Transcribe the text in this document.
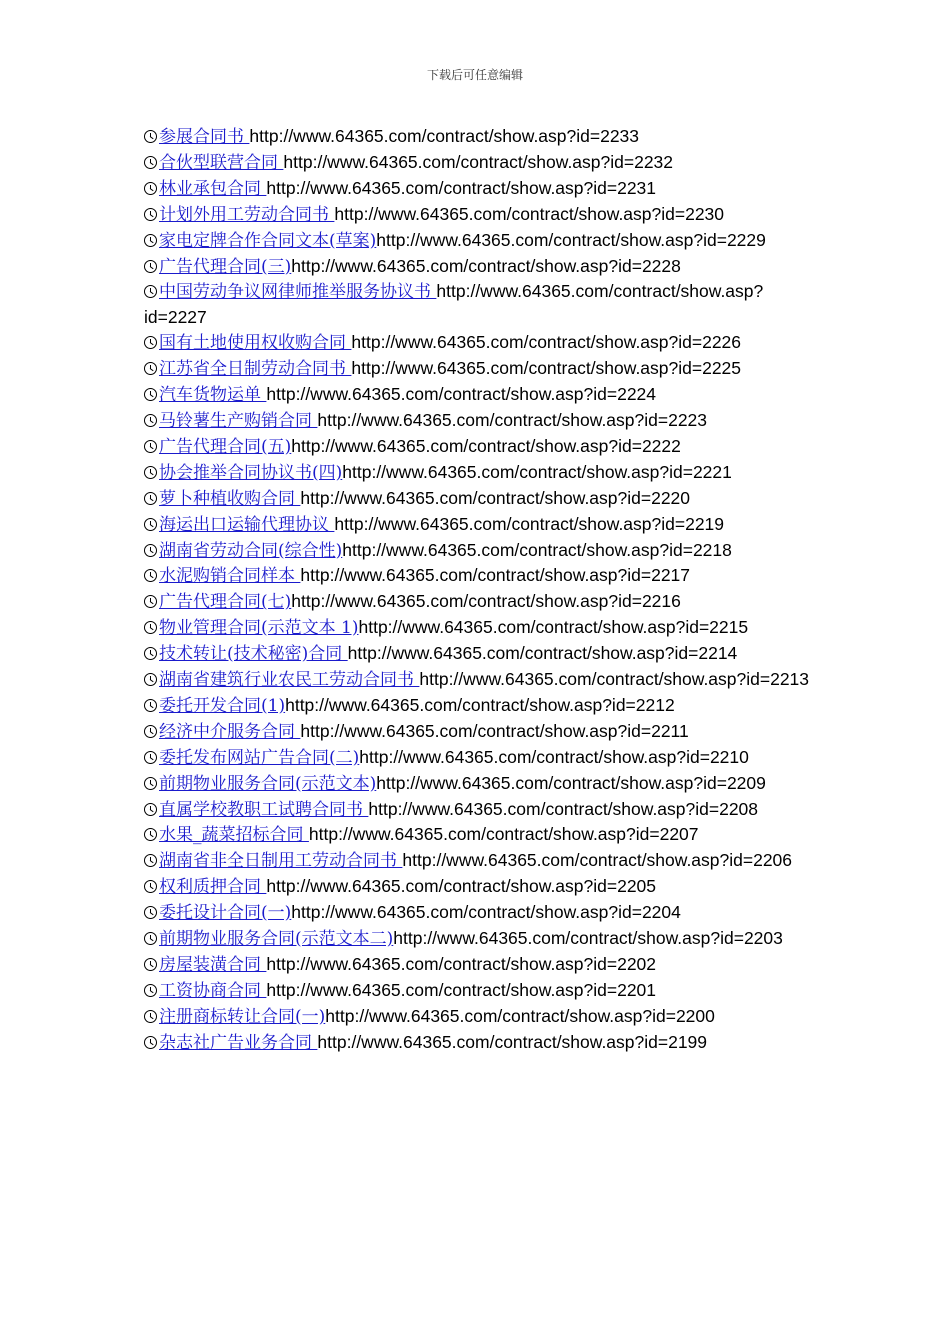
下载后可任意编辑

参展合同书 http://www.64365.com/contract/show.asp?id=2233

合伙型联营合同 http://www.64365.com/contract/show.asp?id=2232

林业承包合同 http://www.64365.com/contract/show.asp?id=2231

计划外用工劳动合同书 http://www.64365.com/contract/show.asp?id=2230

家电定牌合作合同文本(草案)http://www.64365.com/contract/show.asp?id=2229

广告代理合同(三)http://www.64365.com/contract/show.asp?id=2228

中国劳动争议网律师推举服务协议书 http://www.64365.com/contract/show.asp?id=2227

国有土地使用权收购合同 http://www.64365.com/contract/show.asp?id=2226

江苏省全日制劳动合同书 http://www.64365.com/contract/show.asp?id=2225

汽车货物运单 http://www.64365.com/contract/show.asp?id=2224

马铃薯生产购销合同 http://www.64365.com/contract/show.asp?id=2223

广告代理合同(五)http://www.64365.com/contract/show.asp?id=2222

协会推举合同协议书(四)http://www.64365.com/contract/show.asp?id=2221

萝卜种植收购合同 http://www.64365.com/contract/show.asp?id=2220

海运出口运输代理协议 http://www.64365.com/contract/show.asp?id=2219

湖南省劳动合同(综合性)http://www.64365.com/contract/show.asp?id=2218

水泥购销合同样本 http://www.64365.com/contract/show.asp?id=2217

广告代理合同(七)http://www.64365.com/contract/show.asp?id=2216

物业管理合同(示范文本 1)http://www.64365.com/contract/show.asp?id=2215

技术转让(技术秘密)合同 http://www.64365.com/contract/show.asp?id=2214

湖南省建筑行业农民工劳动合同书 http://www.64365.com/contract/show.asp?id=2213

委托开发合同(1)http://www.64365.com/contract/show.asp?id=2212

经济中介服务合同 http://www.64365.com/contract/show.asp?id=2211

委托发布网站广告合同(二)http://www.64365.com/contract/show.asp?id=2210

前期物业服务合同(示范文本)http://www.64365.com/contract/show.asp?id=2209

直属学校教职工试聘合同书 http://www.64365.com/contract/show.asp?id=2208

水果_蔬菜招标合同 http://www.64365.com/contract/show.asp?id=2207

湖南省非全日制用工劳动合同书 http://www.64365.com/contract/show.asp?id=2206

权利质押合同 http://www.64365.com/contract/show.asp?id=2205

委托设计合同(一)http://www.64365.com/contract/show.asp?id=2204

前期物业服务合同(示范文本二)http://www.64365.com/contract/show.asp?id=2203

房屋装潢合同 http://www.64365.com/contract/show.asp?id=2202

工资协商合同 http://www.64365.com/contract/show.asp?id=2201

注册商标转让合同(一)http://www.64365.com/contract/show.asp?id=2200

杂志社广告业务合同 http://www.64365.com/contract/show.asp?id=2199
